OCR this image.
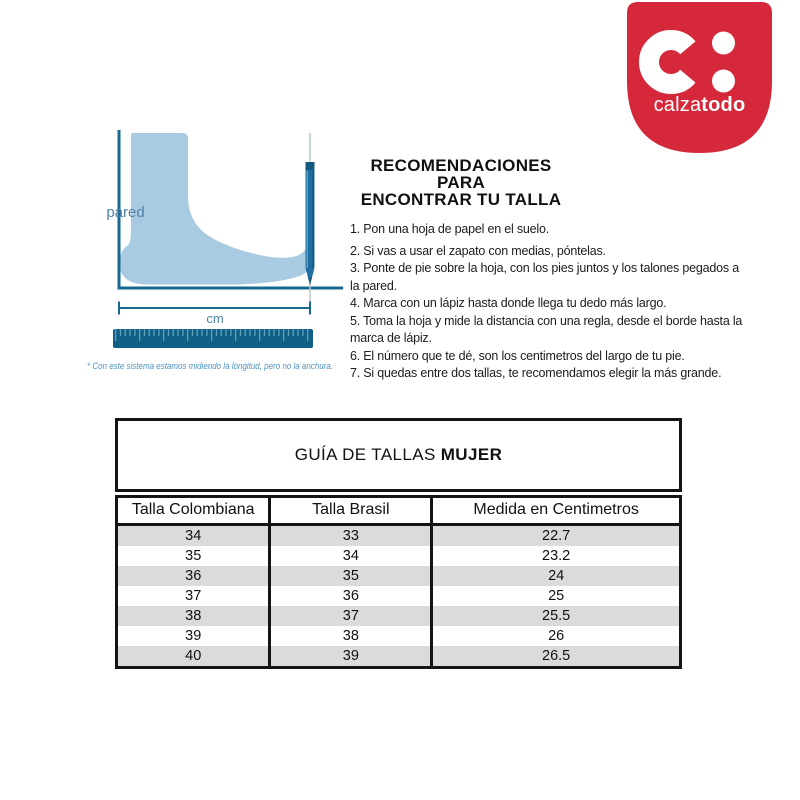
calzatodo
pared
cm
* Con este sistema estamos midiendo la longitud, pero no la anchura.
RECOMENDACIONES PARA
ENCONTRAR TU TALLA

1. Pon una hoja de papel en el suelo.

2. Si vas a usar el zapato con medias, póntelas.

3. Ponte de pie sobre la hoja, con los pies juntos y los talones pegados a la pared.

4. Marca con un lápiz hasta donde llega tu dedo más largo.

5. Toma la hoja y mide la distancia con una regla, desde el borde hasta la marca de lápiz.

6. El número que te dé, son los centimetros del largo de tu pie.

7. Si quedas entre dos tallas, te recomendamos elegir la más grande.

GUÍA DE TALLAS MUJER
Talla Colombiana	Talla Brasil	Medida en Centimetros
34	33	22.7
35	34	23.2
36	35	24
37	36	25
38	37	25.5
39	38	26
40	39	26.5
